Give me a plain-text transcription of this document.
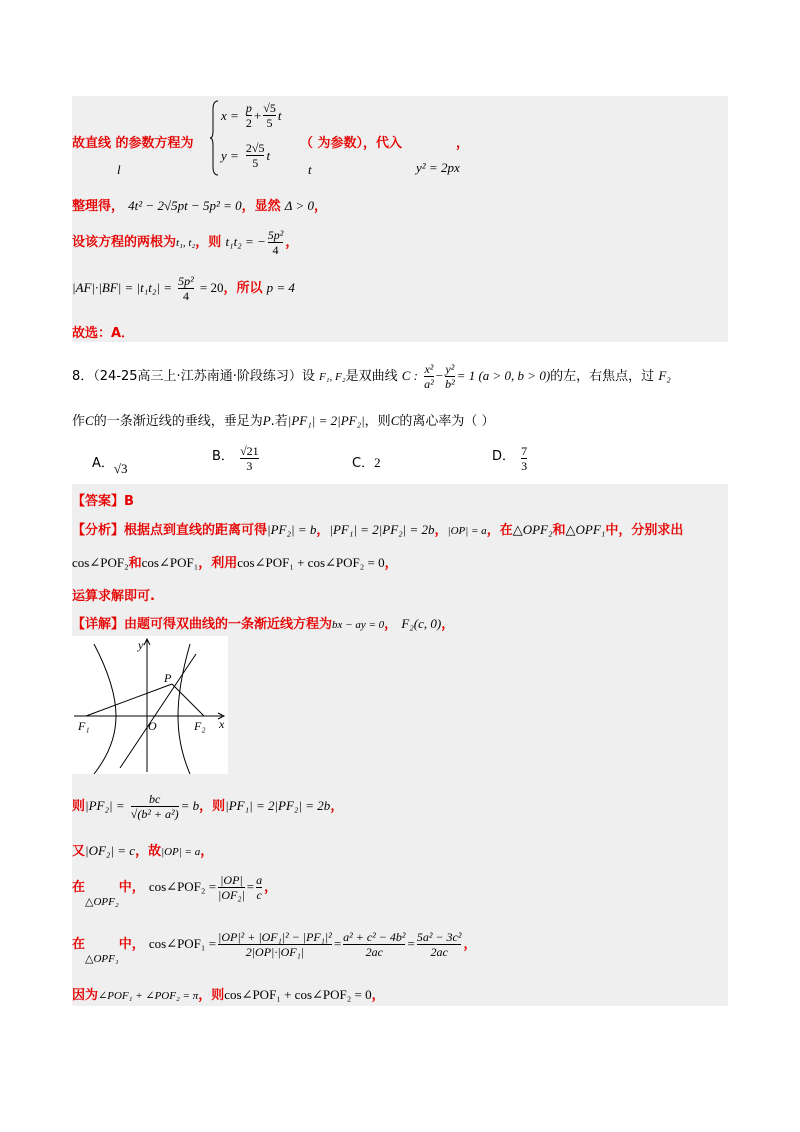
故直线 的参数方程为
l
$x = \frac{p}{2} + \frac{√5}{5}$ t
$y = \frac{2√5}{5}$ t
（ 为参数），代入
t
，
y² = 2px
整理得， 4t² − 2√5pt − 5p² = 0，显然 Δ > 0，
设该方程的两根为t₁, t₂，则 t₁t₂ = − $\frac{\text{5p²}}{4}$ ，
$|AF|\cdot|BF| = |t_1t_2| = \frac{\text{5p²}}{4} = 20$，所以 p = 4
故选：A．
8．（24-25高三上·江苏南通·阶段练习）设 F₁, F₂是双曲线 C : $\frac{\text{x²}}{\text{a²}} - \frac{\text{y²}}{\text{b²}} = 1$ (a > 0, b > 0)的左，右焦点，过 F₂
作C的一条渐近线的垂线，垂足为P.若|PF₁| = 2|PF₂|，则C的离心率为（ ）
A．√3
B． $\frac{√21}{3}$	C．2	D． $\frac{7}{3}$
【答案】B
【分析】根据点到直线的距离可得|PF₂| = b，|PF₁| = 2|PF₂| = 2b，|OP| = a，在△OPF₂和△OPF₁中，分别求出
cos∠POF₂和cos∠POF₁，利用cos∠POF₁ + cos∠POF₂ = 0，
运算求解即可.
【详解】由题可得双曲线的一条渐近线方程为bx − ay = 0， F₂(c, 0)，
y
x
P
O
F₁	F₂
则$|PF_2| = \frac{bc}{\text{√(b² + a²)}} = b$，则|PF₁| = 2|PF₂| = 2b，
又|OF₂| = c，故|OP| = a，
在$_{\triangle OPF_2}$中， cos∠POF₂ = $\frac{|OP|}{\text{|OF₂|}} = \frac{a}{c}$ ，
在$_{\triangle OPF_1}$中， cos∠POF₁ = $\frac{\text{|OP|² + |OF₁|² − |PF₁|²}}{\text{2|OP|·|OF₁|}} = \frac{\text{a² + c² − 4b²}}{2ac} = \frac{\text{5a² − 3c²}}{2ac}$ ，
因为∠POF₁ + ∠POF₂ = π，则cos∠POF₁ + cos∠POF₂ = 0，
